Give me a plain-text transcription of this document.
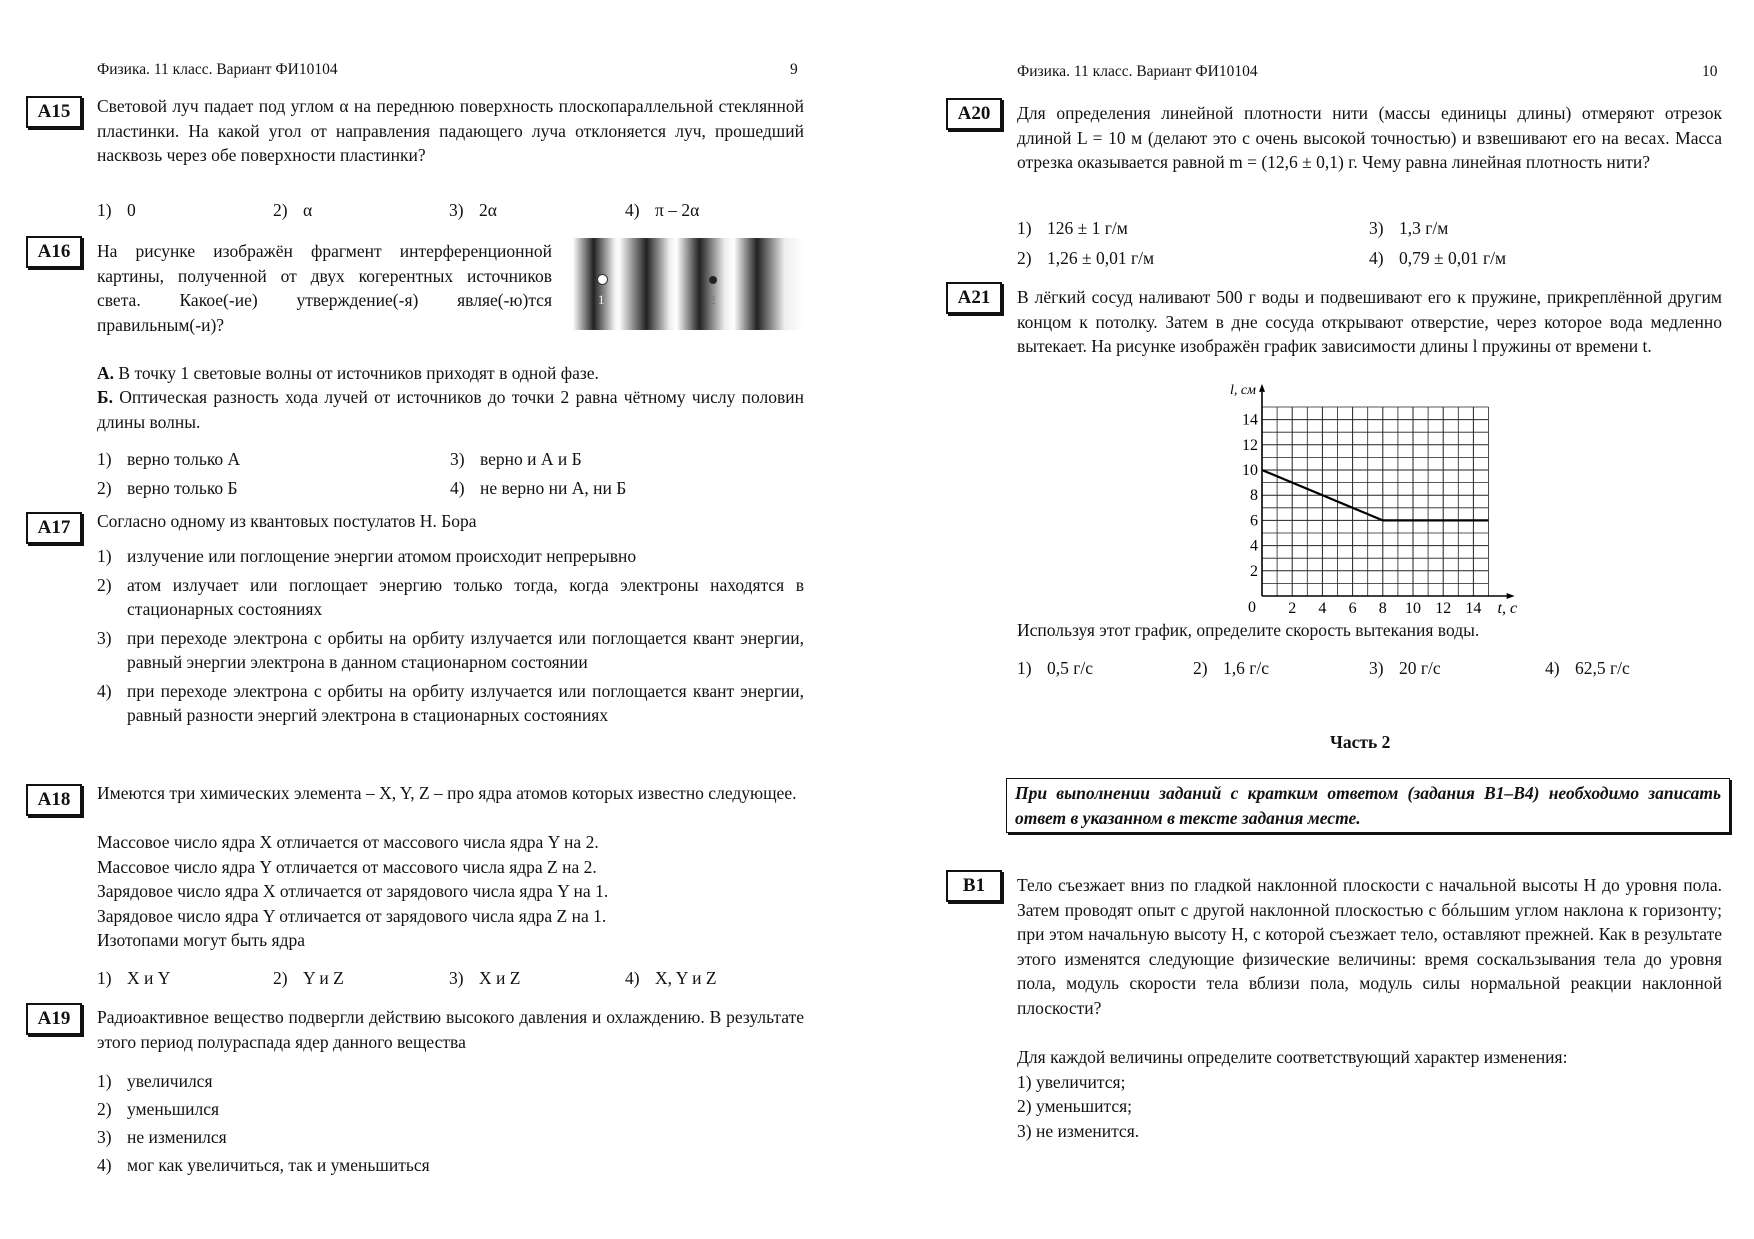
Физика. 11 класс. Вариант ФИ10104	9
А15	Световой луч падает под углом α на переднюю поверхность плоскопараллельной стеклянной пластинки. На какой угол от направления падающего луча отклоняется луч, прошедший насквозь через обе поверхности пластинки?
1) 0	2) α	3) 2α	4) π – 2α
А16	На рисунке изображён фрагмент интерференционной картины, полученной от двух когерентных источников света. Какое(-ие) утверждение(-я) являе(-ю)тся правильным(-и)?
1	2
А. В точку 1 световые волны от источников приходят в одной фазе.
Б. Оптическая разность хода лучей от источников до точки 2 равна чётному числу половин длины волны.
1) верно только А	3) верно и А и Б
2) верно только Б	4) не верно ни А, ни Б
А17	Согласно одному из квантовых постулатов Н. Бора
1) излучение или поглощение энергии атомом происходит непрерывно
2) атом излучает или поглощает энергию только тогда, когда электроны находятся в стационарных состояниях
3) при переходе электрона с орбиты на орбиту излучается или поглощается квант энергии, равный энергии электрона в данном стационарном состоянии
4) при переходе электрона с орбиты на орбиту излучается или поглощается квант энергии, равный разности энергий электрона в стационарных состояниях
А18	Имеются три химических элемента – X, Y, Z – про ядра атомов которых известно следующее.
Массовое число ядра X отличается от массового числа ядра Y на 2.
Массовое число ядра Y отличается от массового числа ядра Z на 2.
Зарядовое число ядра X отличается от зарядового числа ядра Y на 1.
Зарядовое число ядра Y отличается от зарядового числа ядра Z на 1.
Изотопами могут быть ядра
1) X и Y	2) Y и Z	3) X и Z	4) X, Y и Z
А19	Радиоактивное вещество подвергли действию высокого давления и охлаждению. В результате этого период полураспада ядер данного вещества
1) увеличился
2) уменьшился
3) не изменился
4) мог как увеличиться, так и уменьшиться
Физика. 11 класс. Вариант ФИ10104	10
А20	Для определения линейной плотности нити (массы единицы длины) отмеряют отрезок длиной L = 10 м (делают это с очень высокой точностью) и взвешивают его на весах. Масса отрезка оказывается равной m = (12,6 ± 0,1) г. Чему равна линейная плотность нити?
1) 126 ± 1 г/м	3) 1,3 г/м
2) 1,26 ± 0,01 г/м	4) 0,79 ± 0,01 г/м
А21	В лёгкий сосуд наливают 500 г воды и подвешивают его к пружине, прикреплённой другим концом к потолку. Затем в дне сосуда открывают отверстие, через которое вода медленно вытекает. На рисунке изображён график зависимости длины l пружины от времени t.
2 4 6 8 10 12 14
2
4
6
8
10
12
14
0	t, с
l, см
Используя этот график, определите скорость вытекания воды.
1) 0,5 г/с	2) 1,6 г/с	3) 20 г/с	4) 62,5 г/с
Часть 2
При выполнении заданий с кратким ответом (задания В1–В4) необходимо записать ответ в указанном в тексте задания месте.
В1	Тело съезжает вниз по гладкой наклонной плоскости с начальной высоты H до уровня пола. Затем проводят опыт с другой наклонной плоскостью с бóльшим углом наклона к горизонту; при этом начальную высоту H, с которой съезжает тело, оставляют прежней. Как в результате этого изменятся следующие физические величины: время соскальзывания тела до уровня пола, модуль скорости тела вблизи пола, модуль силы нормальной реакции наклонной плоскости?
Для каждой величины определите соответствующий характер изменения:
1) увеличится;
2) уменьшится;
3) не изменится.
